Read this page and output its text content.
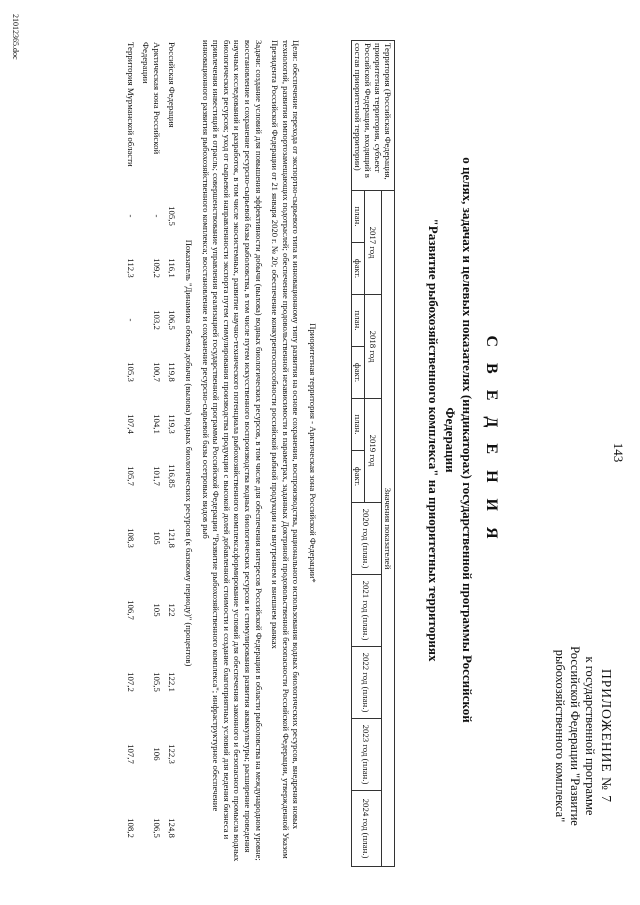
143
ПРИЛОЖЕНИЕ № 7
к государственной программе
Российской Федерации "Развитие
рыбохозяйственного комплекса"
С В Е Д Е Н И Я
о целях, задачах и целевых показателях (индикаторах) государственной программы Российской Федерации
"Развитие рыбохозяйственного комплекса" на приоритетных территориях
Территория (Российская Федерация, приоритетная территория, субъект Российской Федерации, входящий в состав приоритетной территории)	Значения показателей										
	2017 год		2018 год		2019 год		2020 год (план.)	2021 год (план.)	2022 год (план.)	2023 год (план.)	2024 год (план.)
	план.	факт.	план.	факт.	план.	факт.					
Приоритетная территория - Арктическая зона Российской Федерации*
Цели: обеспечение перехода от экспортно-сырьевого типа к инновационному типу развития на основе сохранения, воспроизводства, рационального использования водных биологических ресурсов, внедрения новых технологий, развития импортозамещающих подотраслей; обеспечение продовольственной независимости в параметрах, заданных Доктриной продовольственной безопасности Российской Федерации, утвержденной Указом Президента Российской Федерации от 21 января 2020 г. № 20; обеспечение конкурентоспособности российской рыбной продукции на внутреннем и внешнем рынках
Задачи: создание условий для повышения эффективности добычи (вылова) водных биологических ресурсов, в том числе для обеспечения интересов Российской Федерации в области рыболовства на международном уровне; восстановление и сохранение ресурсно-сырьевой базы рыболовства, в том числе путем искусственного воспроизводства водных биологических ресурсов и стимулирования развития аквакультуры; расширение проведения научных исследований и разработок, в том числе экосистемных, развитие научно-технического потенциала рыбохозяйственного комплекса;формирование условий для обеспечения законного и безопасного промысла водных биологических ресурсов; уход от сырьевой направленности экспорта путем стимулирования производства продукции с высокой долей добавленной стоимости и создание благоприятных условий для ведения бизнеса и привлечения инвестиций в отрасль; совершенствование управления реализацией государственной программы Российской Федерации "Развитие рыбохозяйственного комплекса"; инфраструктурное обеспечение инновационного развития рыбохозяйственного комплекса; восстановление и сохранение ресурсно-сырьевой базы осетровых видов рыб
Показатель "Динамика объема добычи (вылова) водных биологических ресурсов (к базовому периоду)" (процентов)
Российская Федерация	105,5	116,1	106,5	119,8	119,3	116,85	121,8	122	122,1	122,3	124,8
Арктическая зона Российской Федерации	-	109,2	103,2	100,7	104,1	101,7	105	105	105,5	106	106,5
Территория Мурманской области	-	112,3	-	105,3	107,4	105,7	108,3	106,7	107,2	107,7	108,2
21012365.doc
